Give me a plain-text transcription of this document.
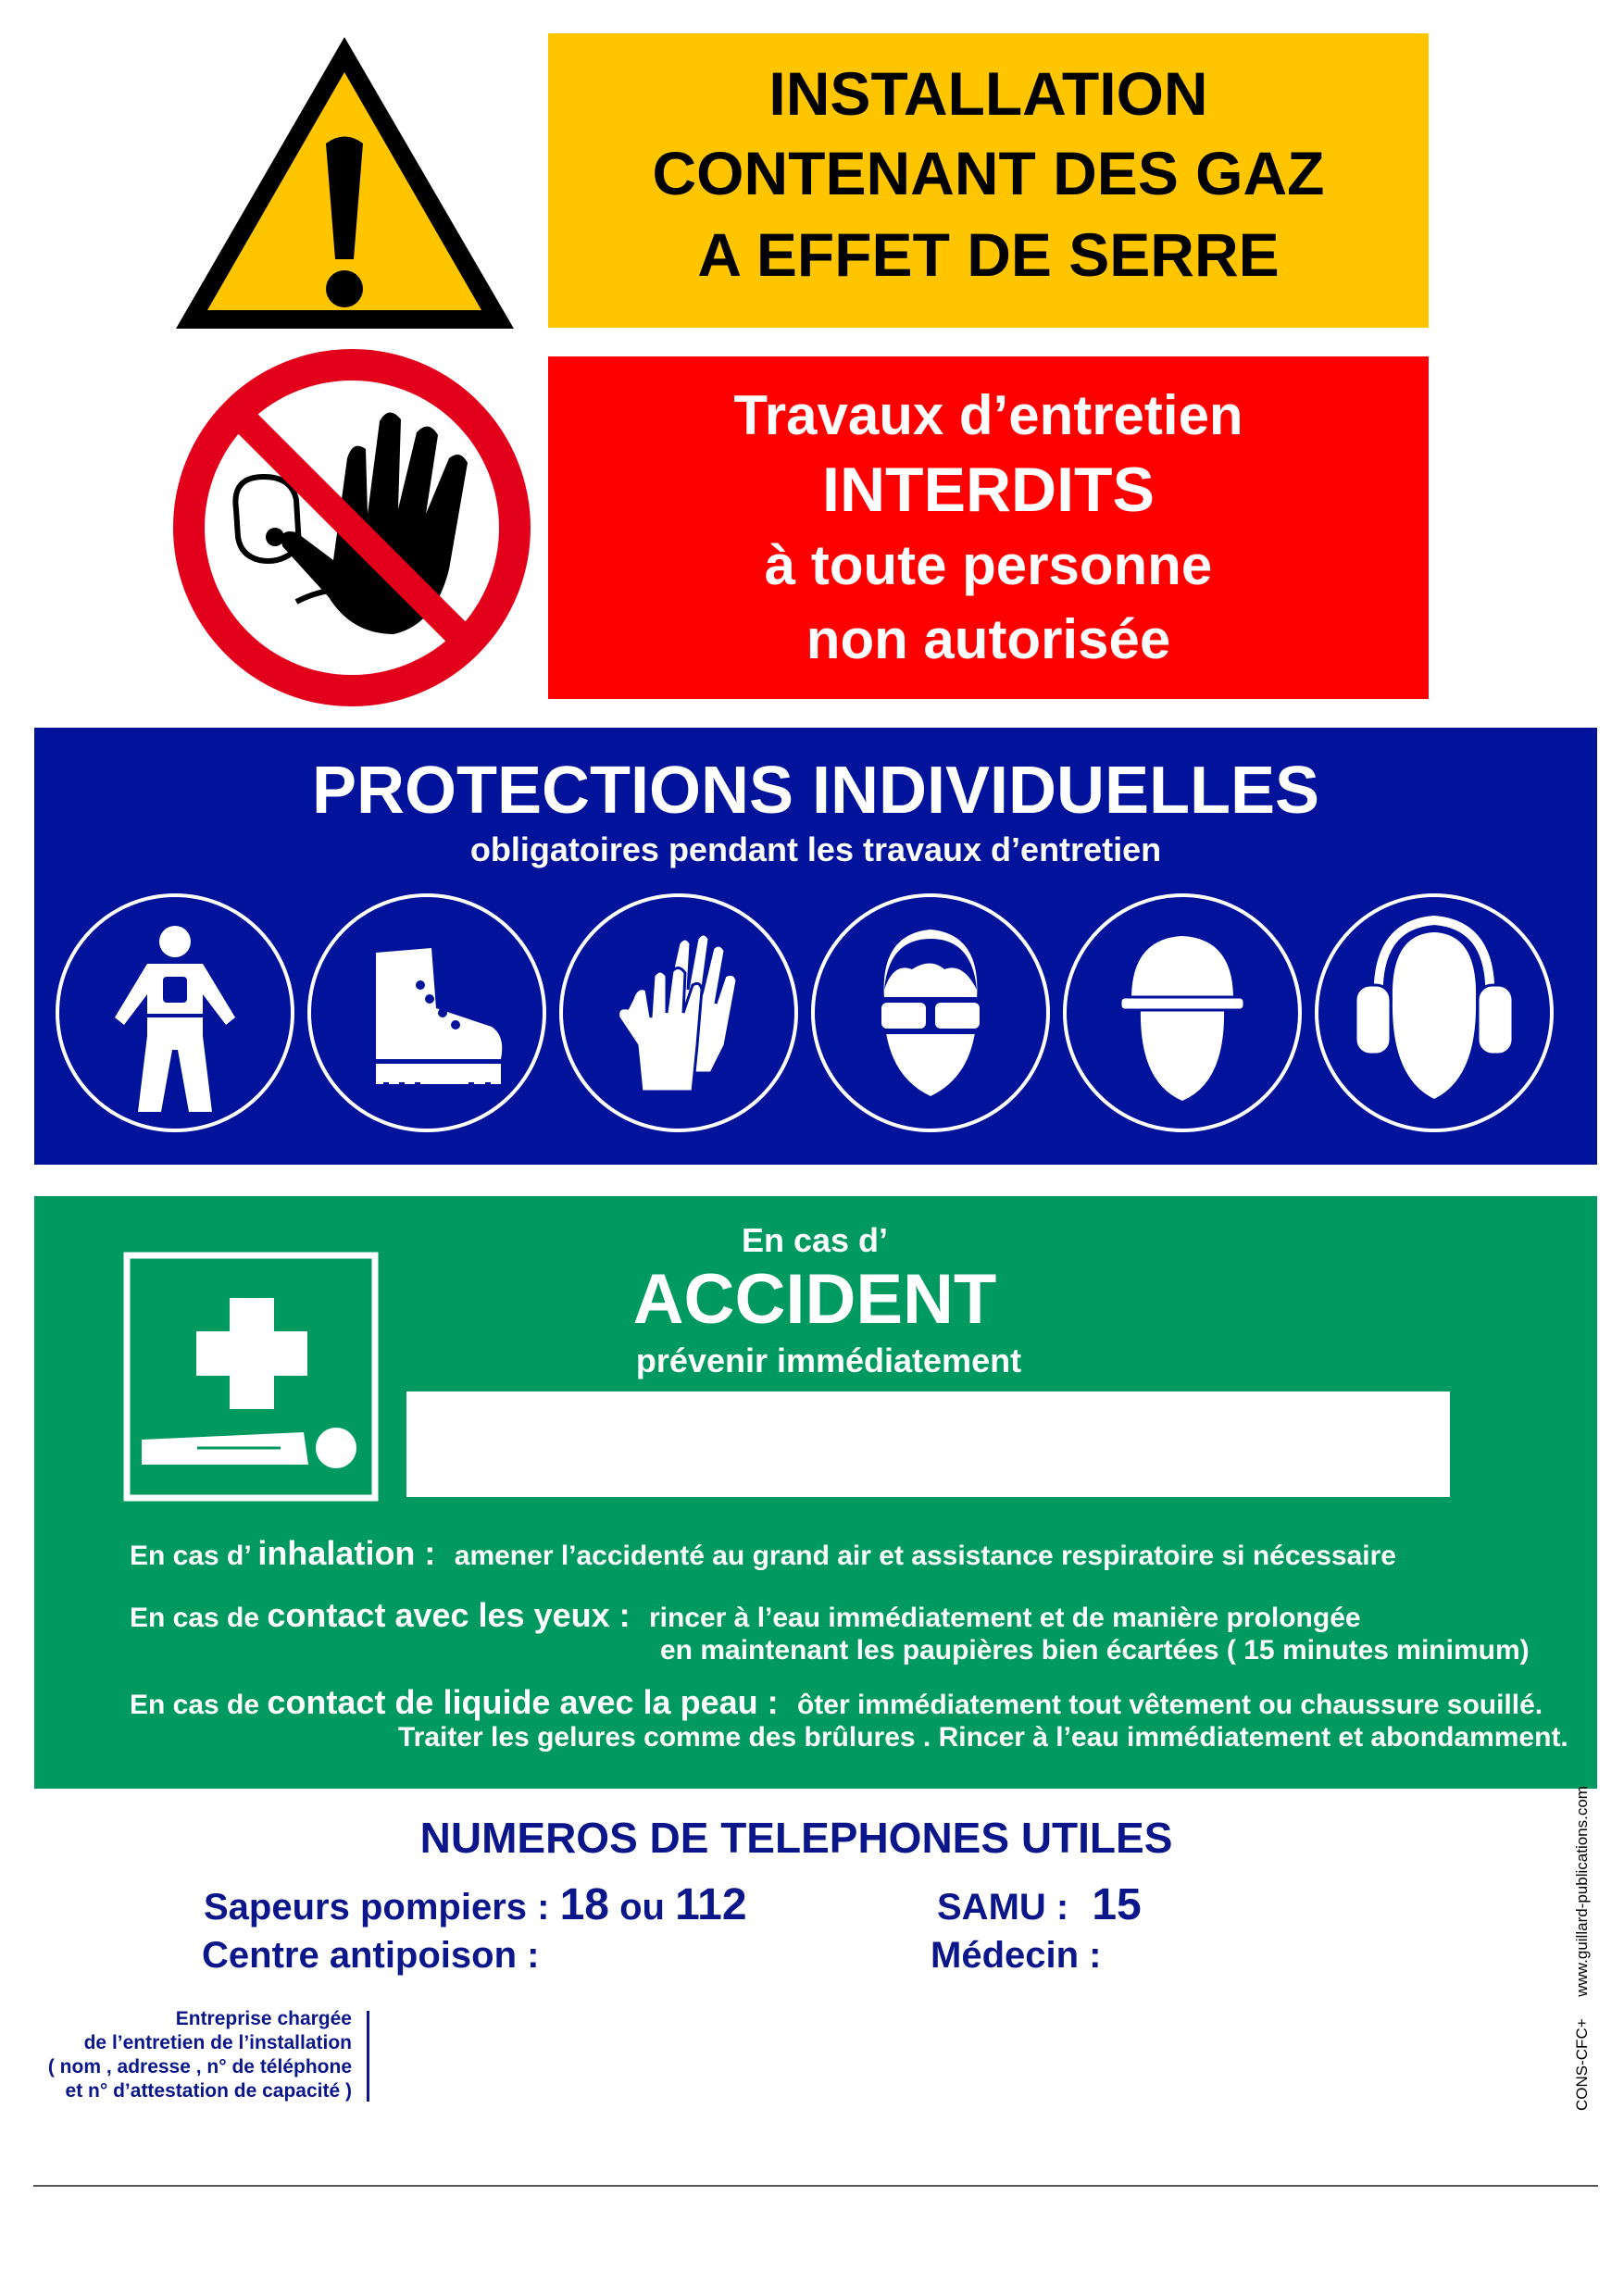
INSTALLATION
CONTENANT DES GAZ
A EFFET DE SERRE
Travaux d’entretien
INTERDITS
à toute personne
non autorisée
PROTECTIONS INDIVIDUELLES
obligatoires pendant les travaux d’entretien
En cas d’
ACCIDENT
prévenir immédiatement
En cas d’ inhalation : amener l’accidenté au grand air et assistance respiratoire si nécessaire
En cas de contact avec les yeux : rincer à l’eau immédiatement et de manière prolongée
en maintenant les paupières bien écartées ( 15 minutes minimum)
En cas de contact de liquide avec la peau : ôter immédiatement tout vêtement ou chaussure souillé.
Traiter les gelures comme des brûlures . Rincer à l’eau immédiatement et abondamment.
NUMEROS DE TELEPHONES UTILES
Sapeurs pompiers : 18 ou 112	SAMU : 15
Centre antipoison :	Médecin :
Entreprise chargée
de l’entretien de l’installation
( nom , adresse , n° de téléphone
et n° d’attestation de capacité )	CONS-CFC+     www.guillard-publications.com
